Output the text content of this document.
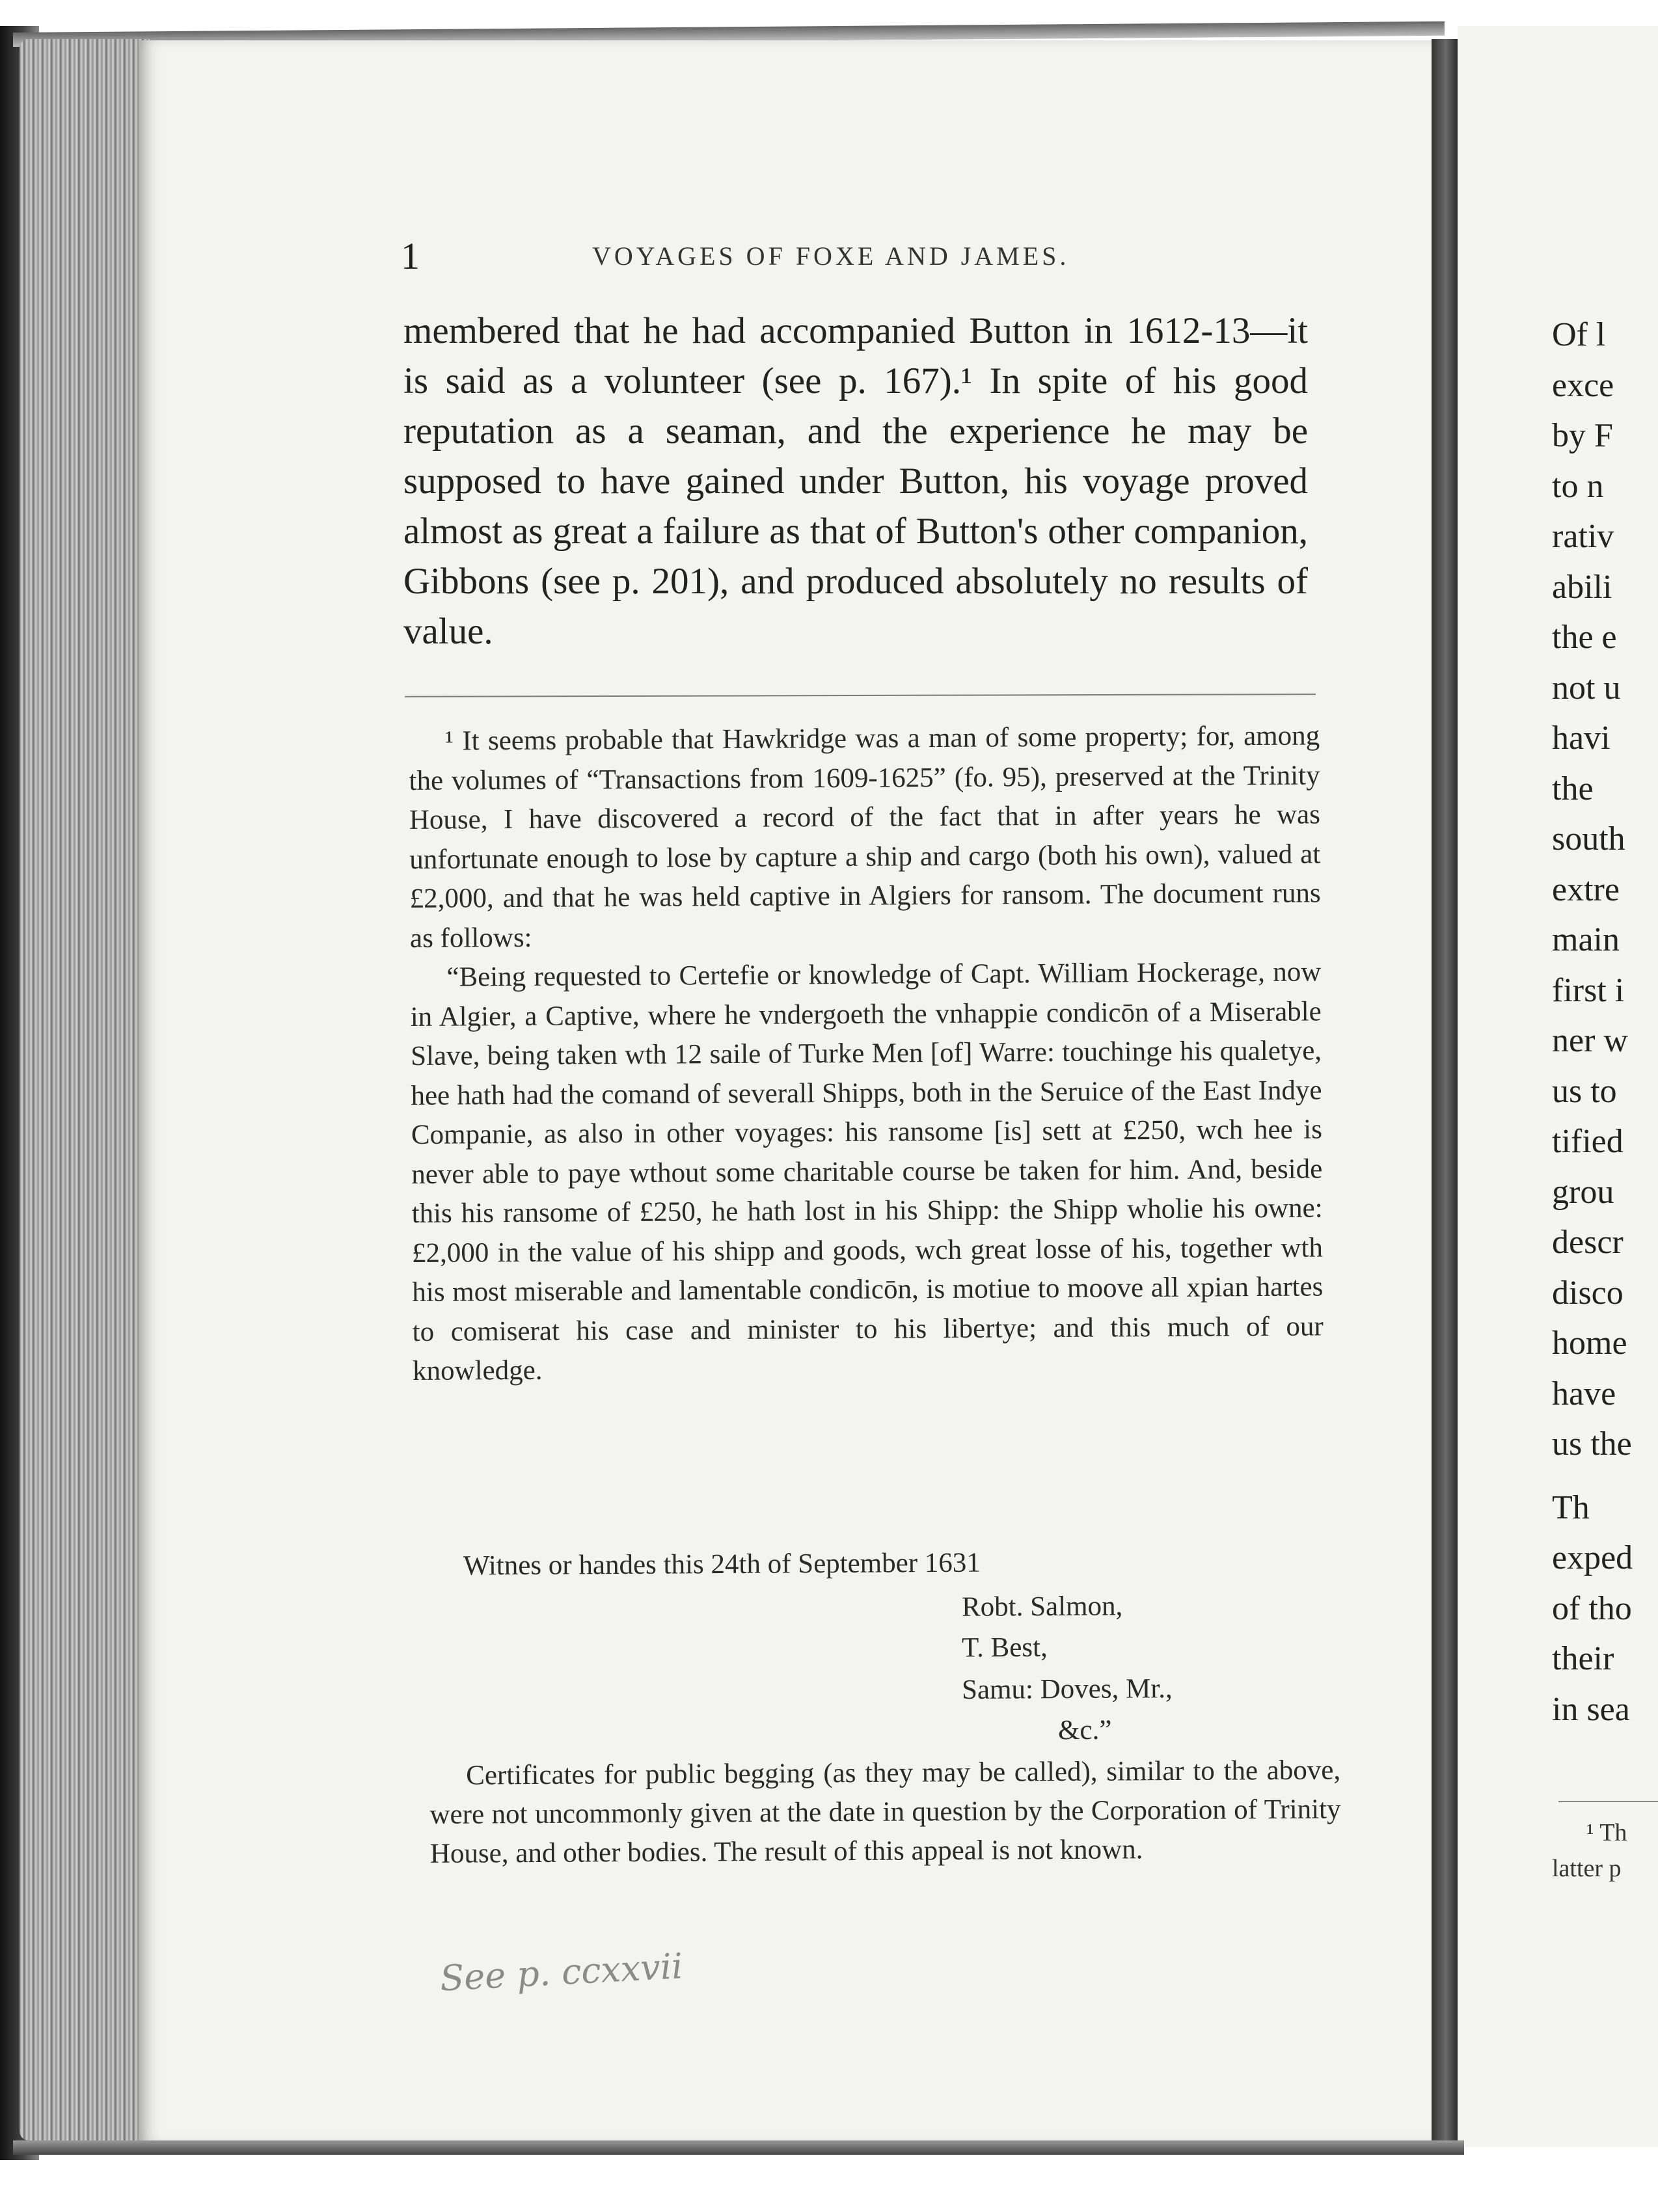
1	VOYAGES OF FOXE AND JAMES.

membered that he had accompanied Button in 1612-13—it is said as a volunteer (see p. 167).¹ In spite of his good reputation as a seaman, and the experience he may be supposed to have gained under Button, his voyage proved almost as great a failure as that of Button's other companion, Gibbons (see p. 201), and produced absolutely no results of value.

¹ It seems probable that Hawkridge was a man of some property; for, among the volumes of “Transactions from 1609-1625” (fo. 95), preserved at the Trinity House, I have discovered a record of the fact that in after years he was unfortunate enough to lose by capture a ship and cargo (both his own), valued at £2,000, and that he was held captive in Algiers for ransom. The document runs as follows:

“Being requested to Certefie or knowledge of Capt. William Hockerage, now in Algier, a Captive, where he vndergoeth the vnhappie condicōn of a Miserable Slave, being taken wth 12 saile of Turke Men [of] Warre: touchinge his qualetye, hee hath had the comand of severall Shipps, both in the Seruice of the East Indye Companie, as also in other voyages: his ransome [is] sett at £250, wch hee is never able to paye wthout some charitable course be taken for him. And, beside this his ransome of £250, he hath lost in his Shipp: the Shipp wholie his owne: £2,000 in the value of his shipp and goods, wch great losse of his, together wth his most miserable and lamentable condicōn, is motiue to moove all xpian hartes to comiserat his case and minister to his libertye; and this much of our knowledge.

Witnes or handes this 24th of September 1631
Robt. Salmon,
T. Best,
Samu: Doves, Mr.,
&c.”

Certificates for public begging (as they may be called), similar to the above, were not uncommonly given at the date in question by the Corporation of Trinity House, and other bodies. The result of this appeal is not known.

See p. ccxxvii
Of l
exce
by F
to n
rativ
abili
the e
not u
havi
the
south
extre
main
first i
ner w
us to
tified
grou
descr
disco
home
have
us the
Th
exped
of tho
their
in sea
¹ Th
latter p
